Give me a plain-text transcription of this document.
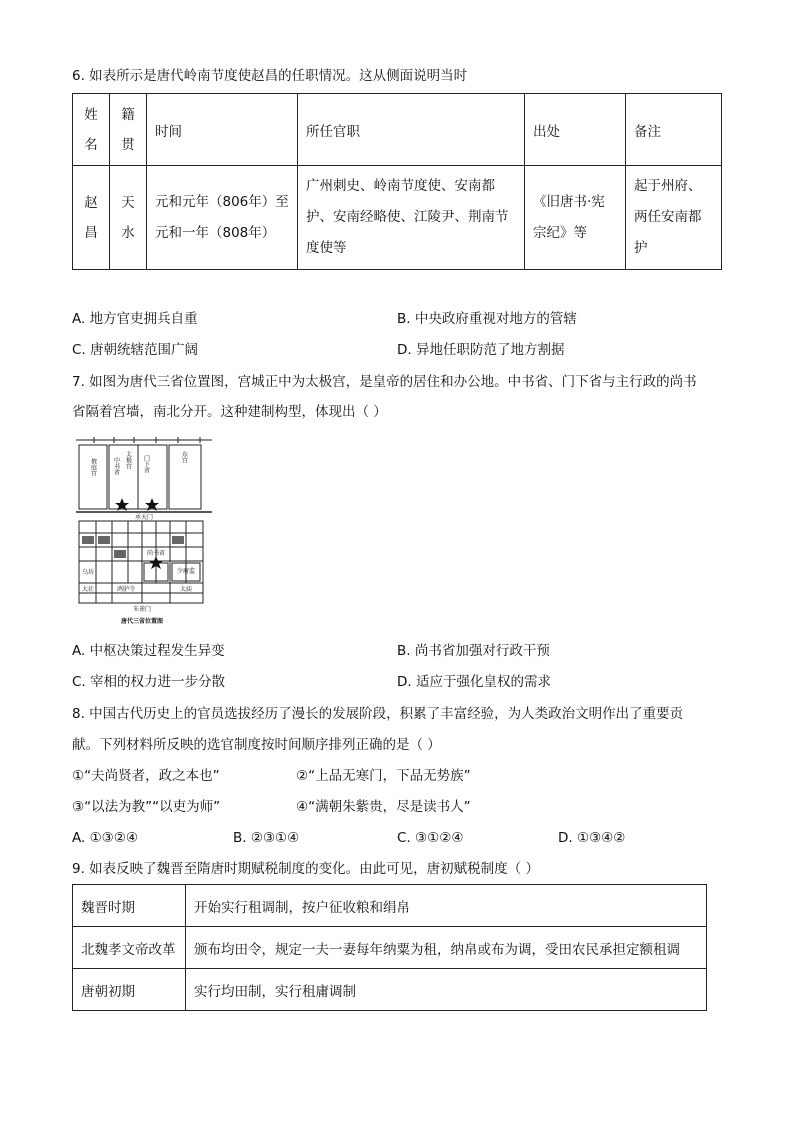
6. 如表所示是唐代岭南节度使赵昌的任职情况。这从侧面说明当时
姓名	籍贯	时间	所任官职	出处	备注
赵昌	天水	元和元年（806年）至元和一年（808年）	广州刺史、岭南节度使、安南都护、安南经略使、江陵尹、荆南节度使等	《旧唐书·宪宗纪》等	起于州府、两任安南都护
A. 地方官吏拥兵自重	B. 中央政府重视对地方的管辖
C. 唐朝统辖范围广阔	D. 异地任职防范了地方割据
7. 如图为唐代三省位置图，宫城正中为太极宫，是皇帝的居住和办公地。中书省、门下省与主行政的尚书
省隔着宫墙，南北分开。这种建制构型，体现出（ ）
掖庭宫	中书省 太极宫 门下省	东宫
承天门
尚书省
乌坊	少府监
大社	鸿胪寺	太庙
朱雀门
唐代三省位置图
A. 中枢决策过程发生异变	B. 尚书省加强对行政干预
C. 宰相的权力进一步分散	D. 适应于强化皇权的需求
8. 中国古代历史上的官员选拔经历了漫长的发展阶段，积累了丰富经验，为人类政治文明作出了重要贡
献。下列材料所反映的选官制度按时间顺序排列正确的是（ ）
①“夫尚贤者，政之本也”	②“上品无寒门，下品无势族”
③“以法为教”“以吏为师”	④“满朝朱紫贵，尽是读书人”
A. ①③②④	B. ②③①④	C. ③①②④	D. ①③④②
9. 如表反映了魏晋至隋唐时期赋税制度的变化。由此可见，唐初赋税制度（ ）
魏晋时期	开始实行租调制，按户征收粮和绢帛
北魏孝文帝改革	颁布均田令，规定一夫一妻每年纳粟为租，纳帛或布为调，受田农民承担定额租调
唐朝初期	实行均田制，实行租庸调制
